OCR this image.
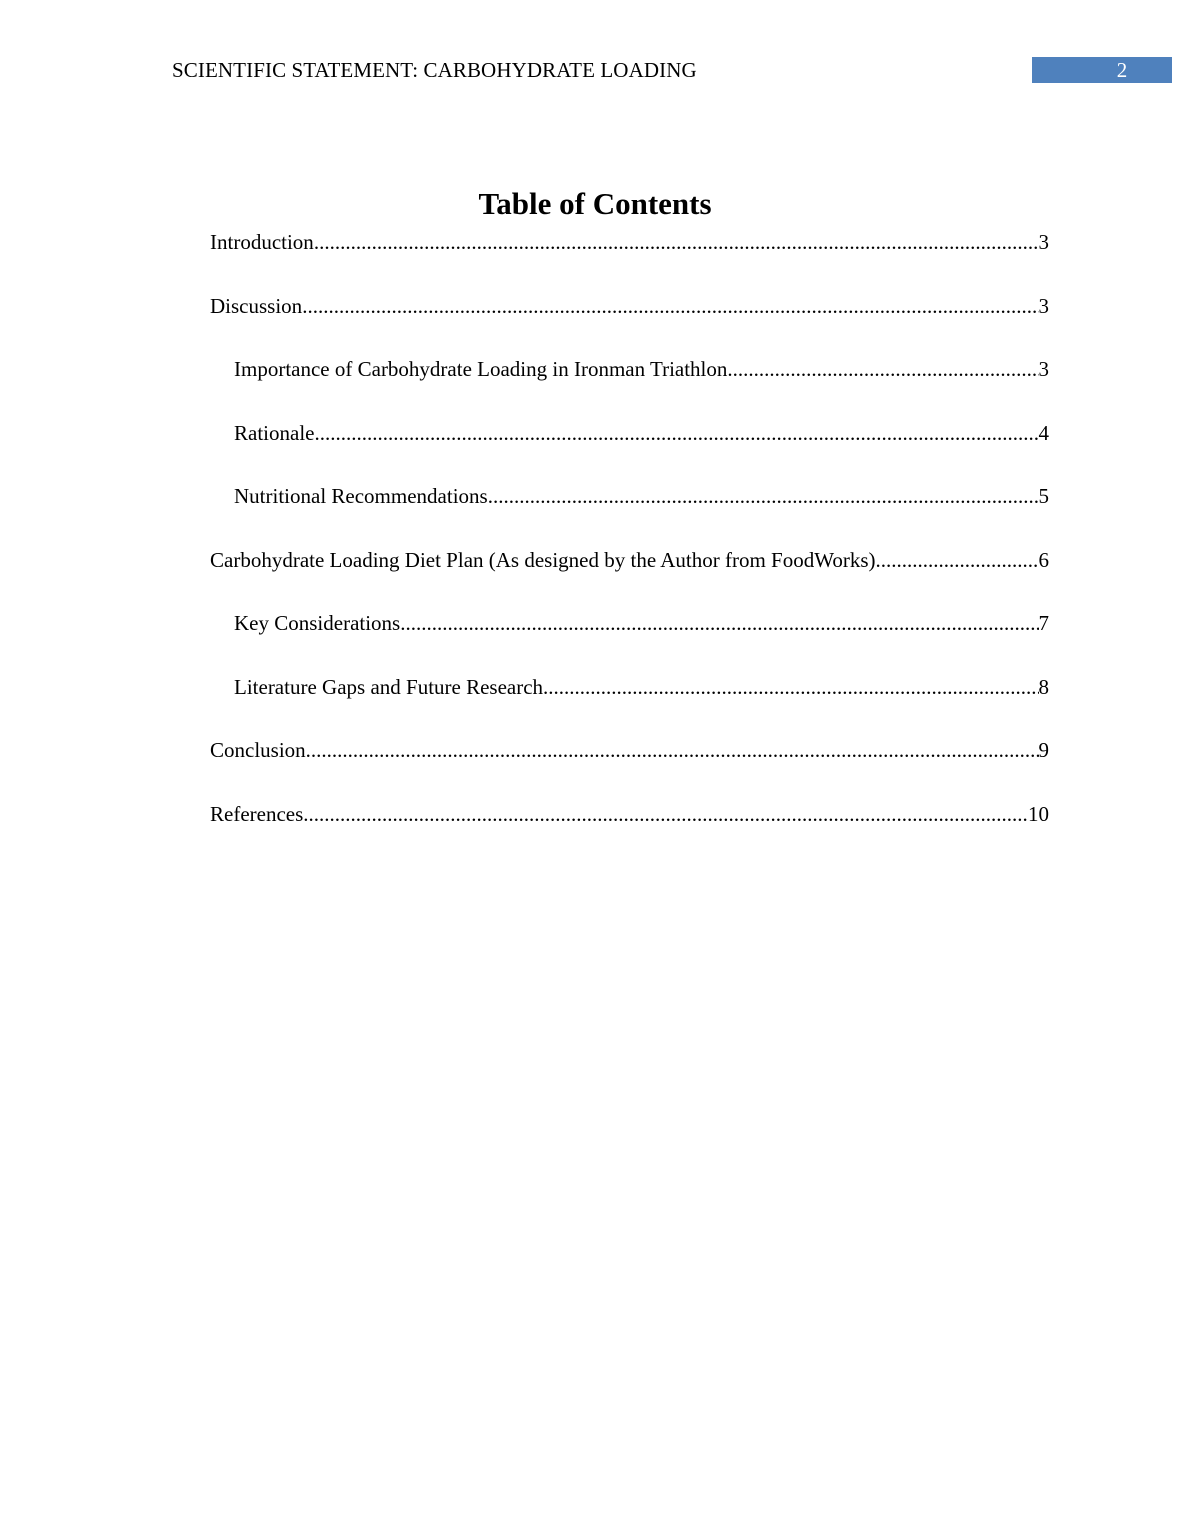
SCIENTIFIC STATEMENT: CARBOHYDRATE LOADING	2
Table of Contents
Introduction .....	3
Discussion .....	3
Importance of Carbohydrate Loading in Ironman Triathlon .....	3
Rationale .....	4
Nutritional Recommendations .....	5
Carbohydrate Loading Diet Plan (As designed by the Author from FoodWorks) .....	6
Key Considerations .....	7
Literature Gaps and Future Research .....	8
Conclusion .....	9
References .....	10
